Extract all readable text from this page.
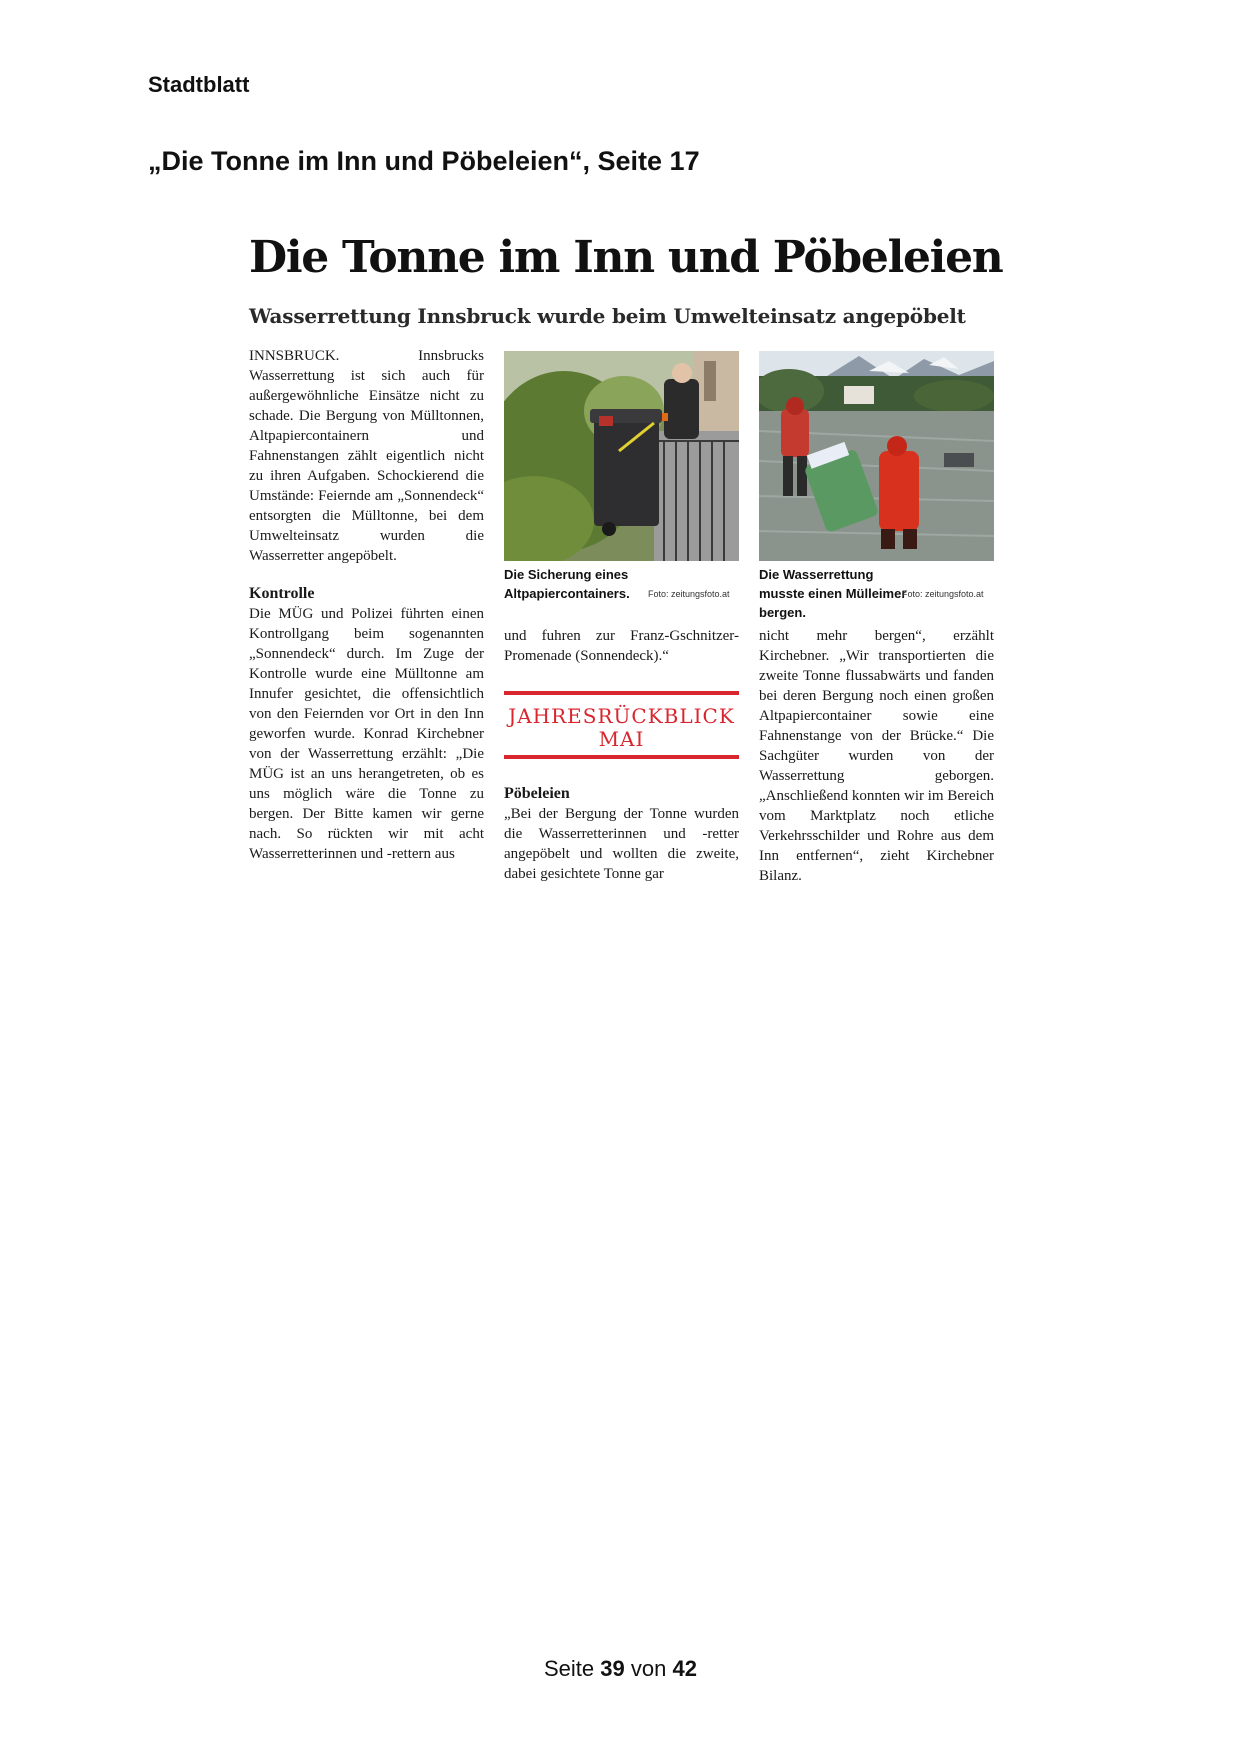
Stadtblatt
„Die Tonne im Inn und Pöbeleien“, Seite 17
Die Tonne im Inn und Pöbeleien
Wasserrettung Innsbruck wurde beim Umwelteinsatz angepöbelt

INNSBRUCK. Innsbrucks Wasserrettung ist sich auch für außergewöhnliche Einsätze nicht zu schade. Die Bergung von Mülltonnen, Altpapiercontainern und Fahnenstangen zählt eigentlich nicht zu ihren Aufgaben. Schockierend die Umstände: Feiernde am „Sonnendeck“ entsorgten die Mülltonne, bei dem Umwelteinsatz wurden die Wasserretter angepöbelt.

Kontrolle

Die MÜG und Polizei führten einen Kontrollgang beim sogenannten „Sonnendeck“ durch. Im Zuge der Kontrolle wurde eine Mülltonne am Innufer gesichtet, die offensichtlich von den Feiernden vor Ort in den Inn geworfen wurde. Konrad Kirchebner von der Wasserrettung erzählt: „Die MÜG ist an uns herangetreten, ob es uns möglich wäre die Tonne zu bergen. Der Bitte kamen wir gerne nach. So rückten wir mit acht Wasserretterinnen und -rettern aus

Die Sicherung eines Altpapiercontainers.	Foto: zeitungsfoto.at
Die Wasserrettung musste einen Mülleimer bergen.
Foto: zeitungsfoto.at

und fuhren zur Franz-Gschnitzer-Promenade (Sonnendeck).“

JAHRESRÜCKBLICK
MAI

Pöbeleien

„Bei der Bergung der Tonne wurden die Wasserretterinnen und -retter angepöbelt und wollten die zweite, dabei gesichtete Tonne gar

nicht mehr bergen“, erzählt Kirchebner. „Wir transportierten die zweite Tonne flussabwärts und fanden bei deren Bergung noch einen großen Altpapiercontainer sowie eine Fahnenstange von der Brücke.“ Die Sachgüter wurden von der Wasserrettung geborgen. „Anschließend konnten wir im Bereich vom Marktplatz noch etliche Verkehrsschilder und Rohre aus dem Inn entfernen“, zieht Kirchebner Bilanz.

Seite 39 von 42
